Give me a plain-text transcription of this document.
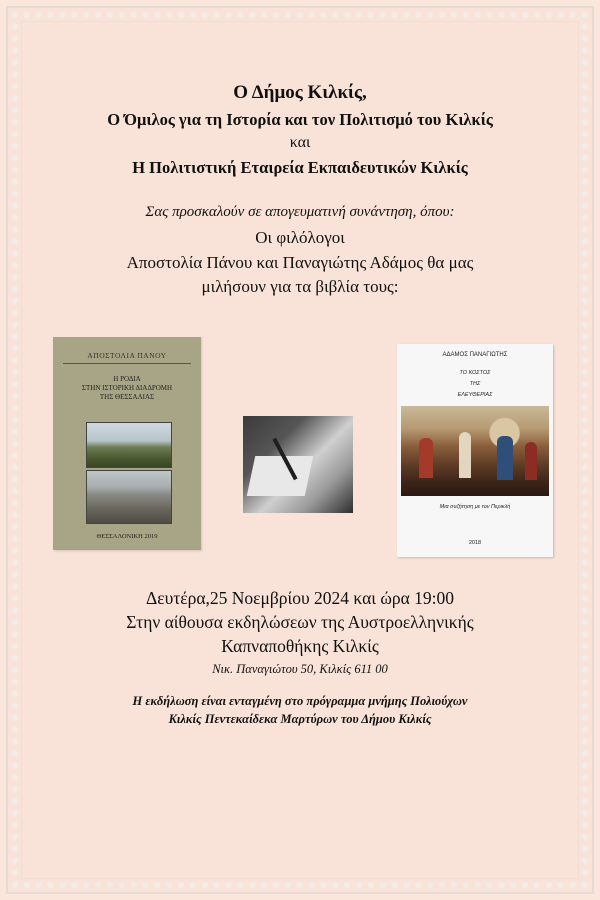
Ο Δήμος Κιλκίς,
Ο Όμιλος για τη Ιστορία και τον Πολιτισμό του Κιλκίς
και
Η Πολιτιστική Εταιρεία Εκπαιδευτικών Κιλκίς
Σας προσκαλούν σε απογευματινή συνάντηση, όπου:
Οι φιλόλογοι
Αποστολία Πάνου και Παναγιώτης Αδάμος θα μας
μιλήσουν για τα βιβλία τους:
ΑΠΟΣΤΟΛΙΑ ΠΑΝΟΥ
Η ΡΟΔΙΑ
ΣΤΗΝ ΙΣΤΟΡΙΚΗ ΔΙΑΔΡΟΜΗ
ΤΗΣ ΘΕΣΣΑΛΙΑΣ
ΘΕΣΣΑΛΟΝΙΚΗ 2019
ΑΔΑΜΟΣ ΠΑΝΑΓΙΩΤΗΣ
ΤΟ ΚΟΣΤΟΣ
ΤΗΣ
ΕΛΕΥΘΕΡΙΑΣ
Μια συζήτηση με τον Περικλή
2018
Δευτέρα,25 Νοεμβρίου 2024 και ώρα 19:00
Στην αίθουσα εκδηλώσεων της Αυστροελληνικής
Καπναποθήκης Κιλκίς
Νικ. Παναγιώτου 50, Κιλκίς 611 00
Η εκδήλωση είναι ενταγμένη στο πρόγραμμα μνήμης Πολιούχων
Κιλκίς Πεντεκαίδεκα Μαρτύρων του Δήμου Κιλκίς
